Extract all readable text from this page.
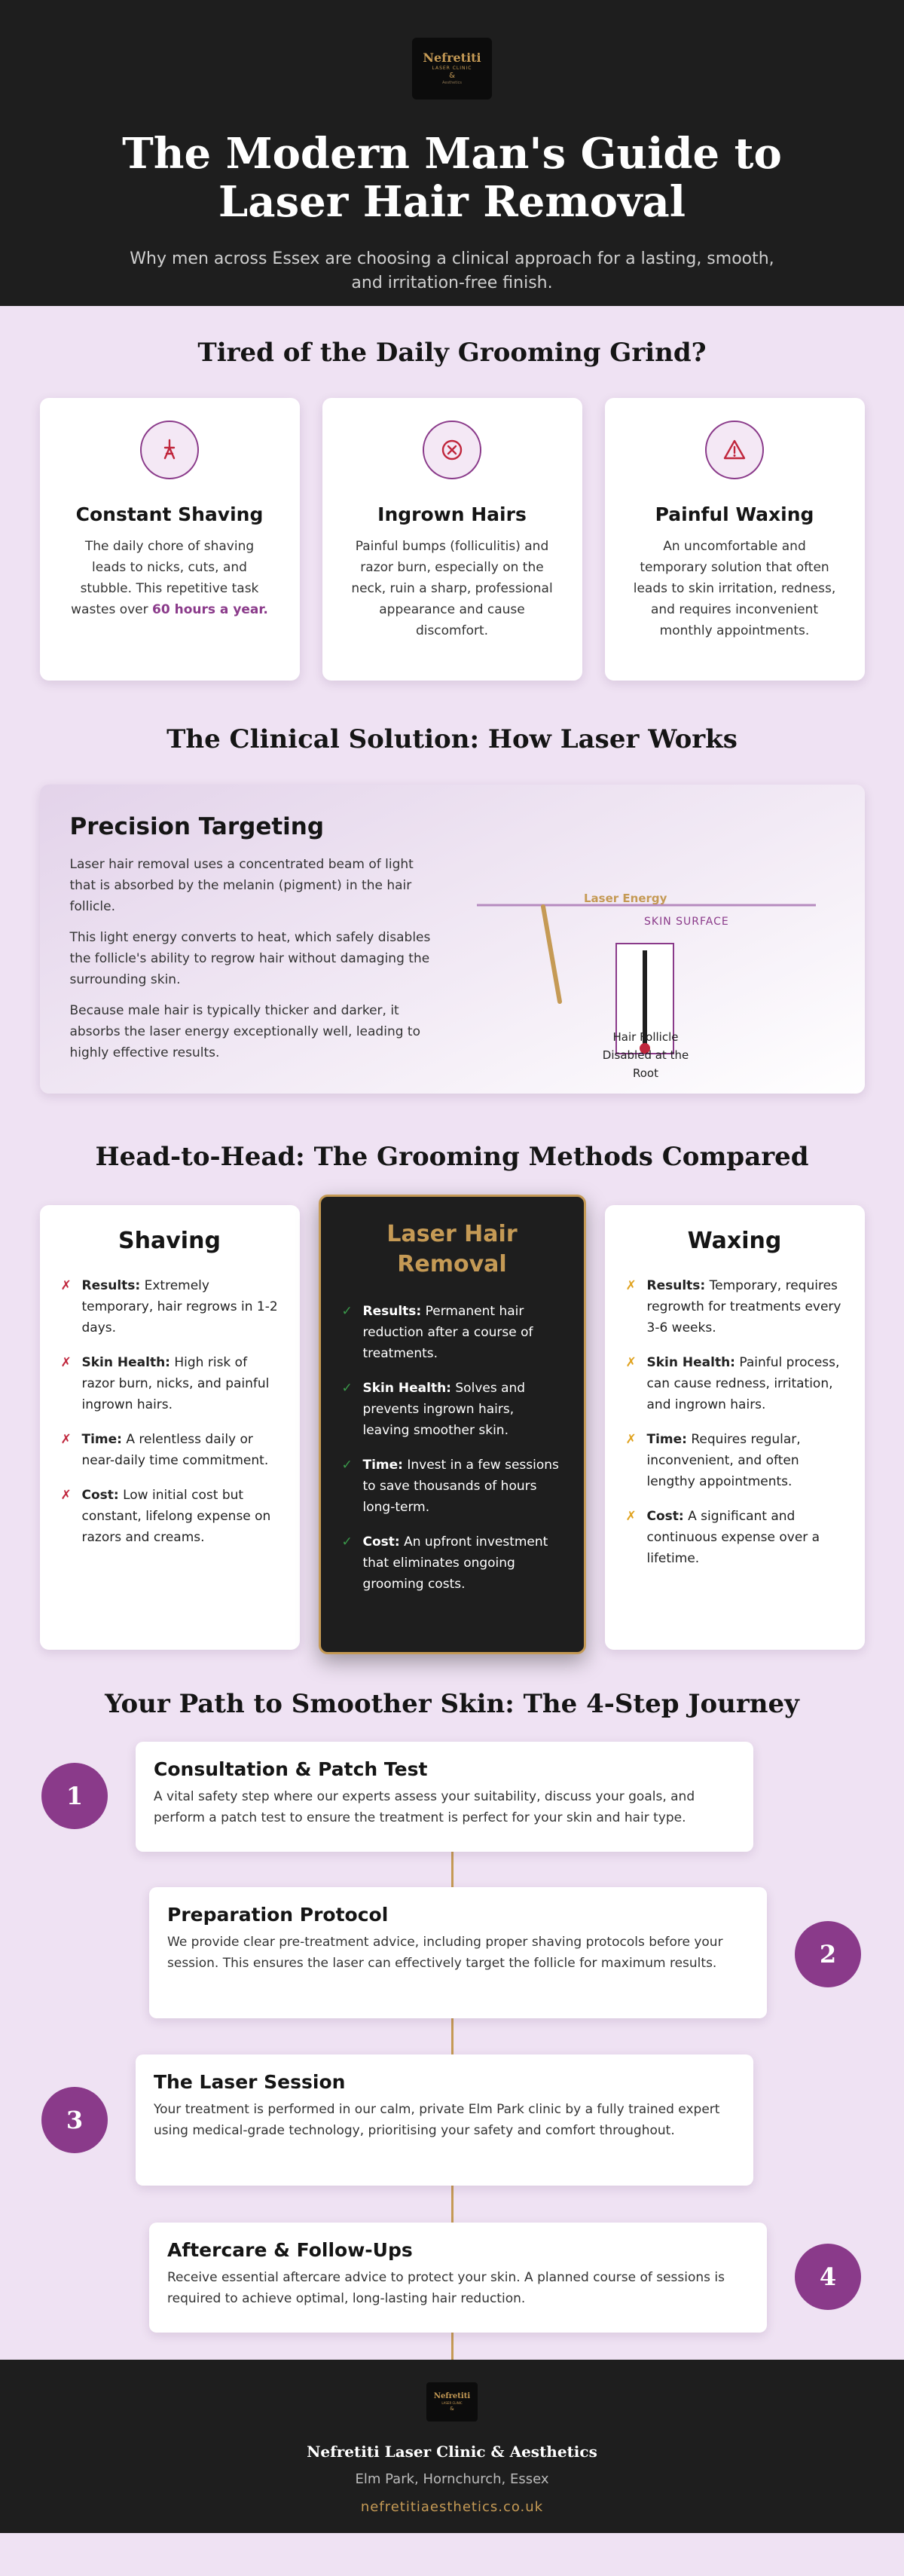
Nefretiti
LASER CLINIC
&
Aesthetics
The Modern Man's Guide to Laser Hair Removal

Why men across Essex are choosing a clinical approach for a lasting, smooth, and irritation-free finish.

Tired of the Daily Grooming Grind?
Constant Shaving

The daily chore of shaving leads to nicks, cuts, and stubble. This repetitive task wastes over 60 hours a year.

Ingrown Hairs

Painful bumps (folliculitis) and razor burn, especially on the neck, ruin a sharp, professional appearance and cause discomfort.

Painful Waxing

An uncomfortable and temporary solution that often leads to skin irritation, redness, and requires inconvenient monthly appointments.

The Clinical Solution: How Laser Works
Precision Targeting

Laser hair removal uses a concentrated beam of light that is absorbed by the melanin (pigment) in the hair follicle.

This light energy converts to heat, which safely disables the follicle's ability to regrow hair without damaging the surrounding skin.

Because male hair is typically thicker and darker, it absorbs the laser energy exceptionally well, leading to highly effective results.

Laser Energy
SKIN SURFACE
Hair Follicle
Disabled at the
Root
Head-to-Head: The Grooming Methods Compared
Shaving
✗ Results: Extremely temporary, hair regrows in 1-2 days.
✗ Skin Health: High risk of razor burn, nicks, and painful ingrown hairs.
✗ Time: A relentless daily or near-daily time commitment.
✗ Cost: Low initial cost but constant, lifelong expense on razors and creams.
Laser Hair Removal
✓ Results: Permanent hair reduction after a course of treatments.
✓ Skin Health: Solves and prevents ingrown hairs, leaving smoother skin.
✓ Time: Invest in a few sessions to save thousands of hours long-term.
✓ Cost: An upfront investment that eliminates ongoing grooming costs.
Waxing
✗ Results: Temporary, requires regrowth for treatments every 3-6 weeks.
✗ Skin Health: Painful process, can cause redness, irritation, and ingrown hairs.
✗ Time: Requires regular, inconvenient, and often lengthy appointments.
✗ Cost: A significant and continuous expense over a lifetime.
Your Path to Smoother Skin: The 4-Step Journey
Consultation & Patch Test

A vital safety step where our experts assess your suitability, discuss your goals, and perform a patch test to ensure the treatment is perfect for your skin and hair type.

1
Preparation Protocol

We provide clear pre-treatment advice, including proper shaving protocols before your session. This ensures the laser can effectively target the follicle for maximum results.	2
The Laser Session

Your treatment is performed in our calm, private Elm Park clinic by a fully trained expert using medical-grade technology, prioritising your safety and comfort throughout.

3
Aftercare & Follow-Ups

Receive essential aftercare advice to protect your skin. A planned course of sessions is required to achieve optimal, long-lasting hair reduction.

4
Nefretiti
LASER CLINIC
&
Nefretiti Laser Clinic & Aesthetics
Elm Park, Hornchurch, Essex
nefretitiaesthetics.co.uk
